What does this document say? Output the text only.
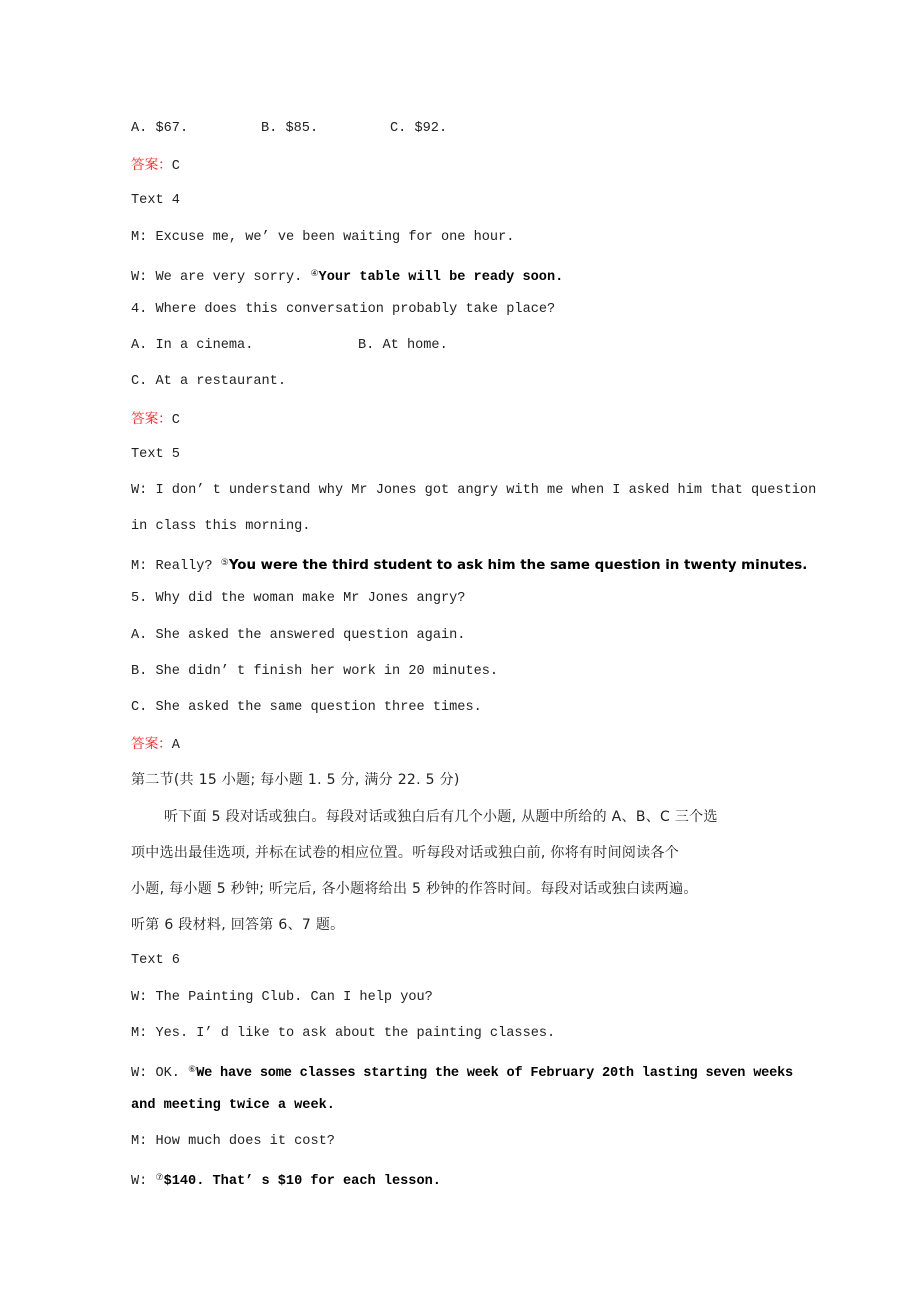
A. $67.	B. $85.	C. $92.
答案：C
Text 4
M: Excuse me, we’ ve been waiting for one hour.
W: We are very sorry. ④Your table will be ready soon.
4. Where does this conversation probably take place?
A. In a cinema.	B. At home.
C. At a restaurant.
答案：C
Text 5
W: I don’ t understand why Mr Jones got angry with me when I asked him that question
in class this morning.
M: Really? ⑤You were the third student to ask him the same question in twenty minutes.
5. Why did the woman make Mr Jones angry?
A. She asked the answered question again.
B. She didn’ t finish her work in 20 minutes.
C. She asked the same question three times.
答案：A
第二节(共 15 小题; 每小题 1. 5 分, 满分 22. 5 分)
听下面 5 段对话或独白。每段对话或独白后有几个小题, 从题中所给的 A、B、C 三个选
项中选出最佳选项, 并标在试卷的相应位置。听每段对话或独白前, 你将有时间阅读各个
小题, 每小题 5 秒钟; 听完后, 各小题将给出 5 秒钟的作答时间。每段对话或独白读两遍。
听第 6 段材料, 回答第 6、7 题。
Text 6
W: The Painting Club. Can I help you?
M: Yes. I’ d like to ask about the painting classes.
W: OK. ⑥We have some classes starting the week of February 20th lasting seven weeks
and meeting twice a week.
M: How much does it cost?
W: ⑦$140. That’ s $10 for each lesson.
